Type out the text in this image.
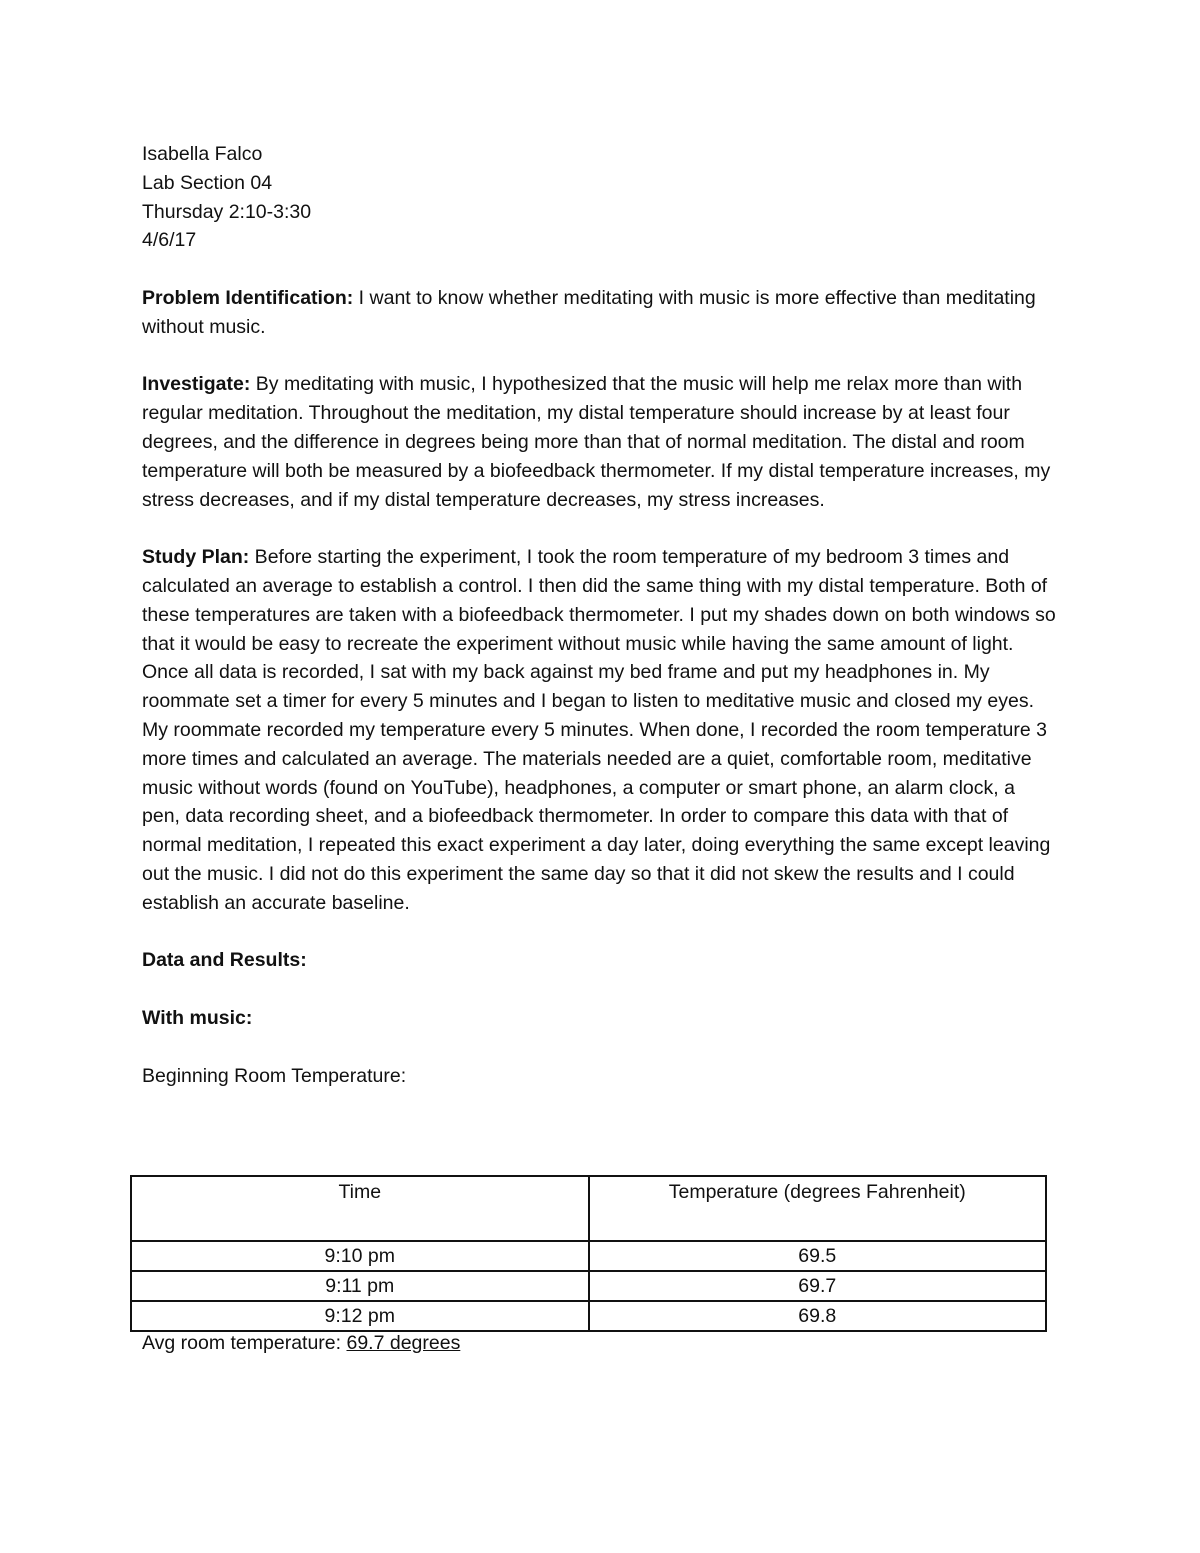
Isabella Falco
Lab Section 04
Thursday 2:10-3:30
4/6/17

Problem Identification: I want to know whether meditating with music is more effective than meditating without music.

Investigate: By meditating with music, I hypothesized that the music will help me relax more than with regular meditation. Throughout the meditation, my distal temperature should increase by at least four degrees, and the difference in degrees being more than that of normal meditation. The distal and room temperature will both be measured by a biofeedback thermometer. If my distal temperature increases, my stress decreases, and if my distal temperature decreases, my stress increases.

Study Plan: Before starting the experiment, I took the room temperature of my bedroom 3 times and calculated an average to establish a control. I then did the same thing with my distal temperature. Both of these temperatures are taken with a biofeedback thermometer. I put my shades down on both windows so that it would be easy to recreate the experiment without music while having the same amount of light. Once all data is recorded, I sat with my back against my bed frame and put my headphones in. My roommate set a timer for every 5 minutes and I began to listen to meditative music and closed my eyes. My roommate recorded my temperature every 5 minutes. When done, I recorded the room temperature 3 more times and calculated an average. The materials needed are a quiet, comfortable room, meditative music without words (found on YouTube), headphones, a computer or smart phone, an alarm clock, a pen, data recording sheet, and a biofeedback thermometer. In order to compare this data with that of normal meditation, I repeated this exact experiment a day later, doing everything the same except leaving out the music. I did not do this experiment the same day so that it did not skew the results and I could establish an accurate baseline.

Data and Results:

With music:

Beginning Room Temperature:

Time	Temperature (degrees Fahrenheit)
9:10 pm	69.5
9:11 pm	69.7
9:12 pm	69.8
Avg room temperature: 69.7 degrees
